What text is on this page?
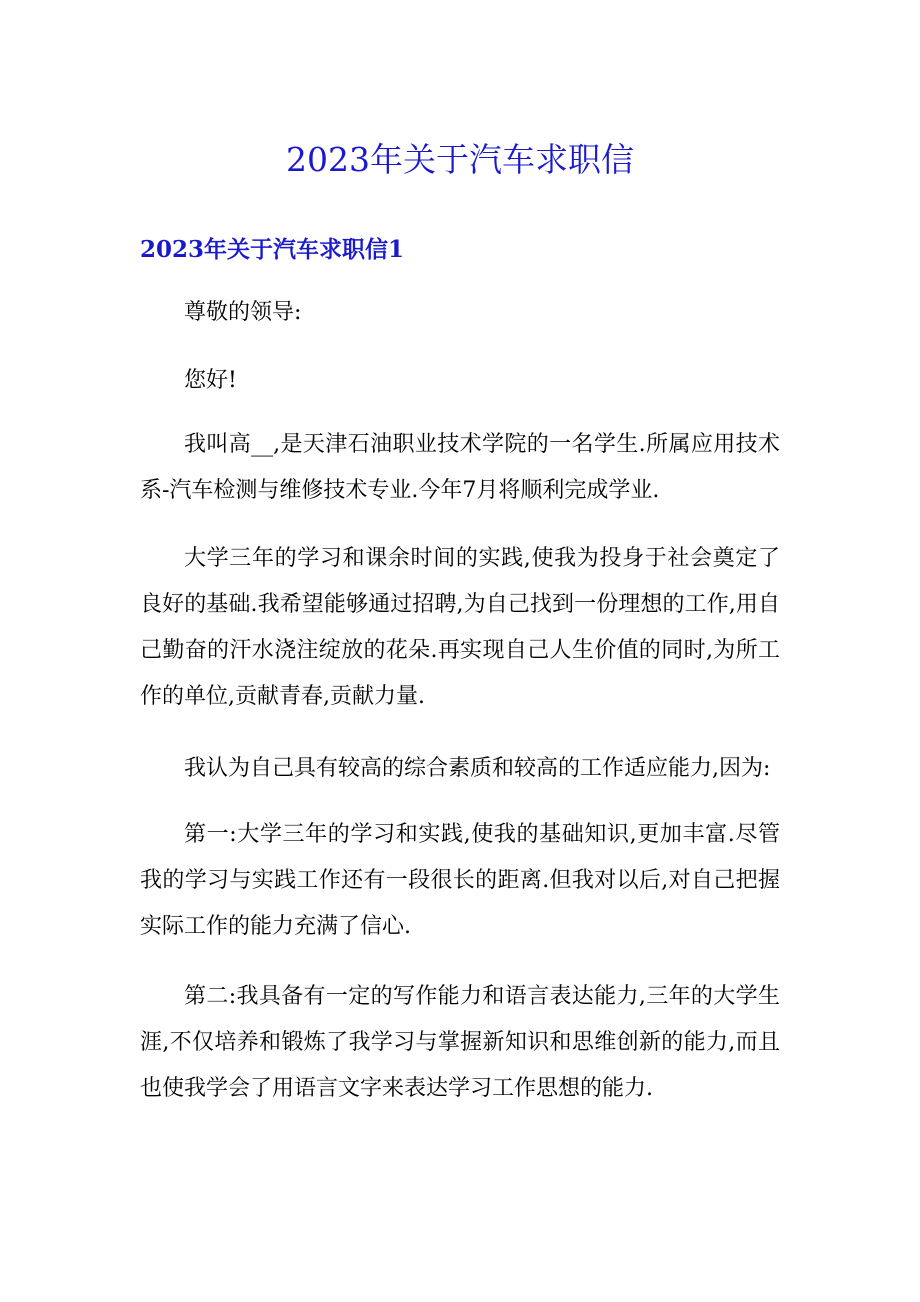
2023年关于汽车求职信
2023年关于汽车求职信1

尊敬的领导:

您好!

我叫高__,是天津石油职业技术学院的一名学生.所属应用技术系-汽车检测与维修技术专业.今年7月将顺利完成学业.

大学三年的学习和课余时间的实践,使我为投身于社会奠定了良好的基础.我希望能够通过招聘,为自己找到一份理想的工作,用自己勤奋的汗水浇注绽放的花朵.再实现自己人生价值的同时,为所工作的单位,贡献青春,贡献力量.

我认为自己具有较高的综合素质和较高的工作适应能力,因为:

第一:大学三年的学习和实践,使我的基础知识,更加丰富.尽管我的学习与实践工作还有一段很长的距离.但我对以后,对自己把握实际工作的能力充满了信心.

第二:我具备有一定的写作能力和语言表达能力,三年的大学生涯,不仅培养和锻炼了我学习与掌握新知识和思维创新的能力,而且也使我学会了用语言文字来表达学习工作思想的能力.
